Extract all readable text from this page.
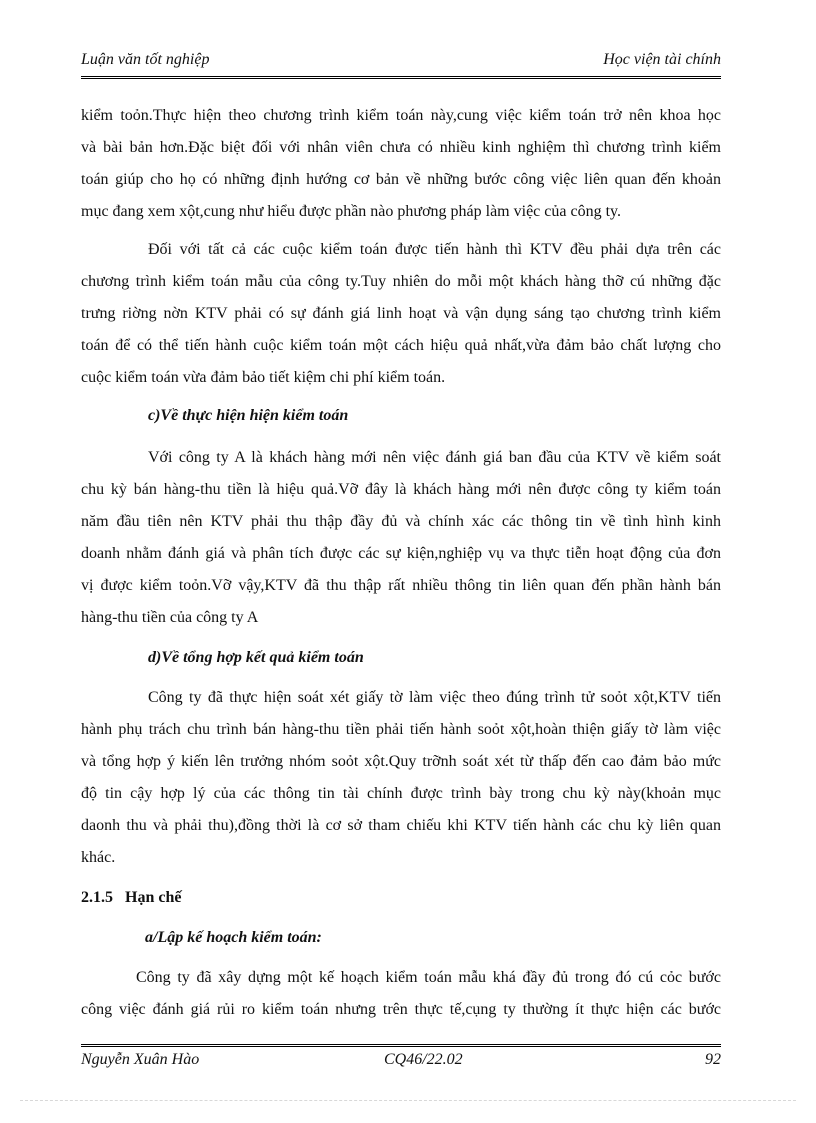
Luận văn tốt nghiệp	Học viện tài chính
kiểm toỏn.Thực hiện theo chương trình kiểm toán này,cung việc kiểm toán trở nên khoa học
và bài bản hơn.Đặc biệt đối với nhân viên chưa có nhiều kinh nghiệm thì chương trình kiểm
toán giúp cho họ có những định hướng cơ bản về những bước công việc liên quan đến khoản
mục đang xem xột,cung như hiểu được phần nào phương pháp làm việc của công ty.
Đối với tất cả các cuộc kiểm toán được tiến hành thì KTV đều phải dựa trên các
chương trình kiểm toán mẫu của công ty.Tuy nhiên do mỗi một khách hàng thỡ cú những đặc
trưng riờng nờn KTV phải có sự đánh giá linh hoạt và vận dụng sáng tạo chương trình kiểm
toán để có thể tiến hành cuộc kiểm toán một cách hiệu quả nhất,vừa đảm bảo chất lượng cho
cuộc kiểm toán vừa đảm bảo tiết kiệm chi phí kiểm toán.
c)Về thực hiện hiện kiểm toán
Với công ty A là khách hàng mới nên việc đánh giá ban đầu của KTV về kiểm soát
chu kỳ bán hàng-thu tiền là hiệu quả.Vỡ đây là khách hàng mới nên được công ty kiểm toán
năm đầu tiên nên KTV phải thu thập đầy đủ và chính xác các thông tin về tình hình kinh
doanh nhằm đánh giá và phân tích được các sự kiện,nghiệp vụ va thực tiễn hoạt động của đơn
vị được kiểm toỏn.Vỡ vậy,KTV đã thu thập rất nhiều thông tin liên quan đến phần hành bán
hàng-thu tiền của công ty A
d)Về tổng hợp kết quả kiểm toán
Công ty đã thực hiện soát xét giấy tờ làm việc theo đúng trình tử soỏt xột,KTV tiến
hành phụ trách chu trình bán hàng-thu tiền phải tiến hành soỏt xột,hoàn thiện giấy tờ làm việc
và tổng hợp ý kiến lên trưởng nhóm soỏt xột.Quy trỡnh soát xét từ thấp đến cao đảm bảo mức
độ tin cậy hợp lý của các thông tin tài chính được trình bày trong chu kỳ này(khoản mục
daonh thu và phải thu),đồng thời là cơ sở tham chiếu khi KTV tiến hành các chu kỳ liên quan
khác.
2.1.5 Hạn chế
a/Lập kế hoạch kiểm toán:
Công ty đã xây dựng một kế hoạch kiểm toán mẫu khá đầy đủ trong đó cú cỏc bước
công việc đánh giá rủi ro kiểm toán nhưng trên thực tế,cụng ty thường ít thực hiện các bước
Nguyễn Xuân Hào	CQ46/22.02	92
